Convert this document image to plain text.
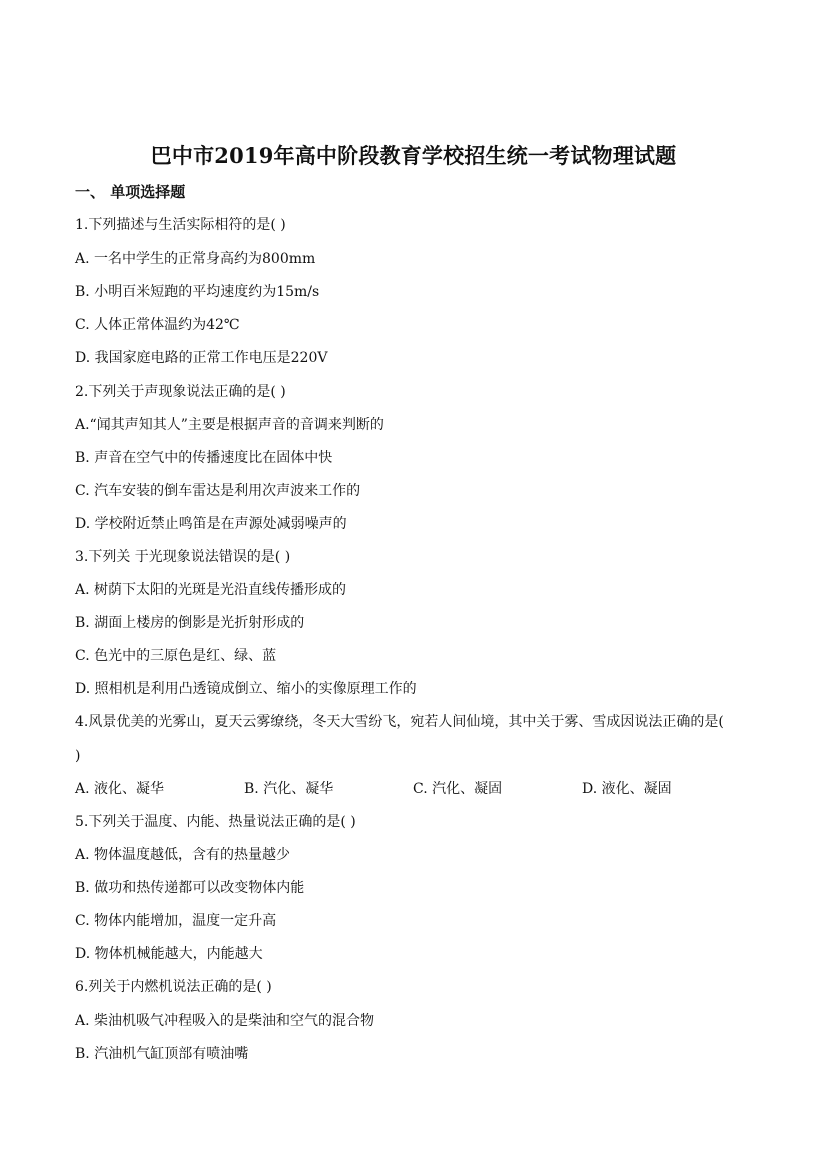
巴中市2019年高中阶段教育学校招生统一考试物理试题
一、 单项选择题
1.下列描述与生活实际相符的是( )
A. 一名中学生的正常身高约为800mm
B. 小明百米短跑的平均速度约为15m/s
C. 人体正常体温约为42℃
D. 我国家庭电路的正常工作电压是220V
2.下列关于声现象说法正确的是( )
A.“闻其声知其人”主要是根据声音的音调来判断的
B. 声音在空气中的传播速度比在固体中快
C. 汽车安装的倒车雷达是利用次声波来工作的
D. 学校附近禁止鸣笛是在声源处减弱噪声的
3.下列关 于光现象说法错误的是( )
A. 树荫下太阳的光斑是光沿直线传播形成的
B. 湖面上楼房的倒影是光折射形成的
C. 色光中的三原色是红、绿、蓝
D. 照相机是利用凸透镜成倒立、缩小的实像原理工作的
4.风景优美的光雾山，夏天云雾缭绕，冬天大雪纷飞，宛若人间仙境，其中关于雾、雪成因说法正确的是(
)
A. 液化、凝华	B. 汽化、凝华	C. 汽化、凝固	D. 液化、凝固
5.下列关于温度、内能、热量说法正确的是( )
A. 物体温度越低，含有的热量越少
B. 做功和热传递都可以改变物体内能
C. 物体内能增加，温度一定升高
D. 物体机械能越大，内能越大
6.列关于内燃机说法正确的是( )
A. 柴油机吸气冲程吸入的是柴油和空气的混合物
B. 汽油机气缸顶部有喷油嘴
